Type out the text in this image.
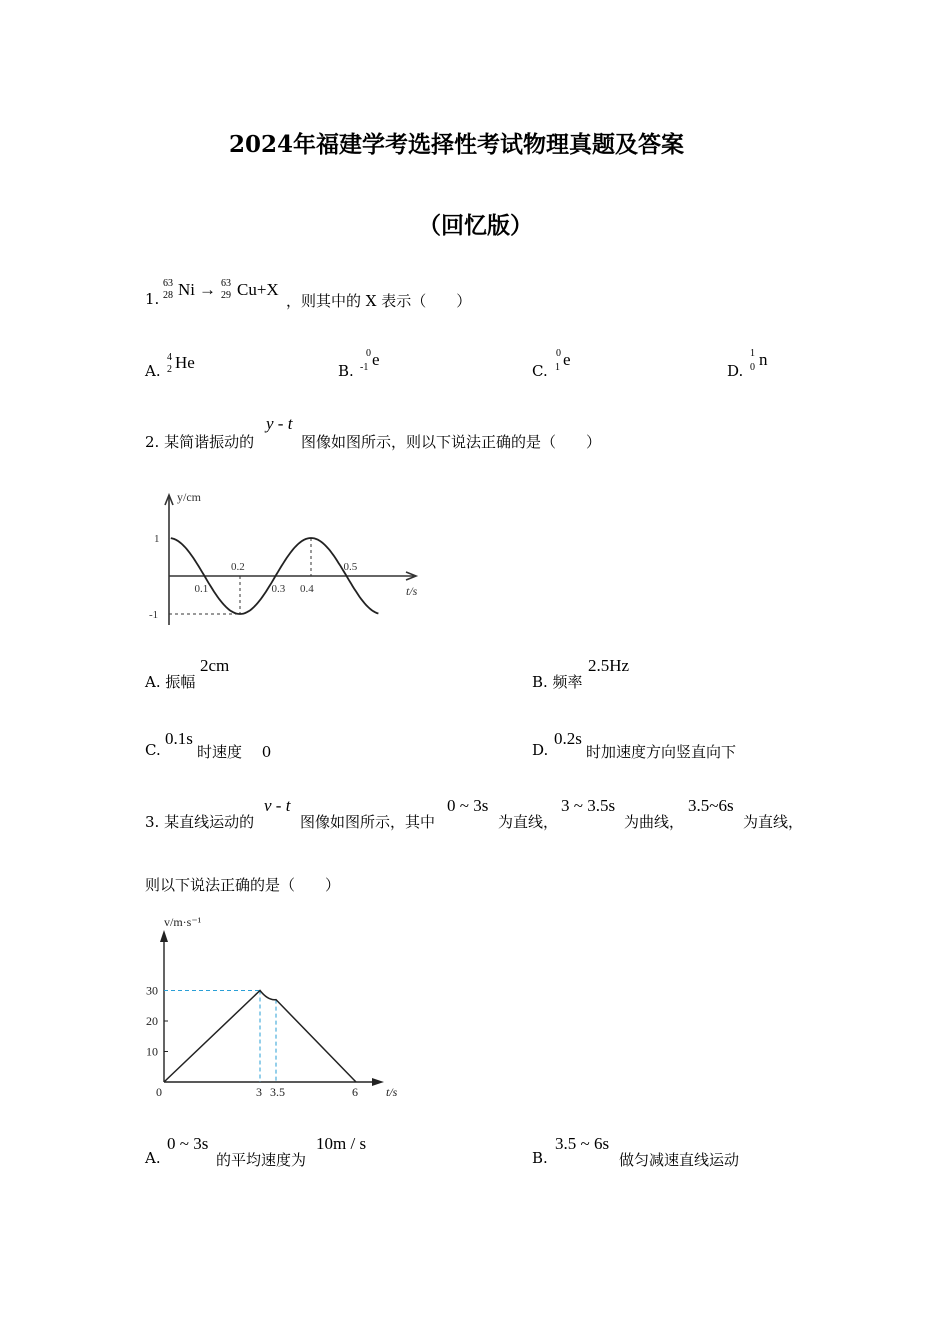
2024年福建学考选择性考试物理真题及答案
（回忆版）
1.
63
28 Ni → 63
29 Cu+X
，则其中的 X 表示（　　）
A.
4
2 He	B.
0
-1 e
C.
0
1 e
D.
1
0 n
2. 某简谐振动的
y - t
图像如图所示，则以下说法正确的是（　　）
y/cm
t/s
1
-1
0.1
0.2
0.3 0.4
0.5
A. 振幅
2cm
B. 频率
2.5Hz
C.
0.1s
时速度　 0	D.
0.2s
时加速度方向竖直向下
3. 某直线运动的
v - t
图像如图所示，其中
0 ~ 3s
为直线，
3 ~ 3.5s
为曲线，
3.5~6s
为直线，
则以下说法正确的是（　　）
v/m·s⁻¹
t/s
10
20
30
0	3 3.5	6
A.
0 ~ 3s
的平均速度为
10m / s
B.
3.5 ~ 6s
做匀减速直线运动
